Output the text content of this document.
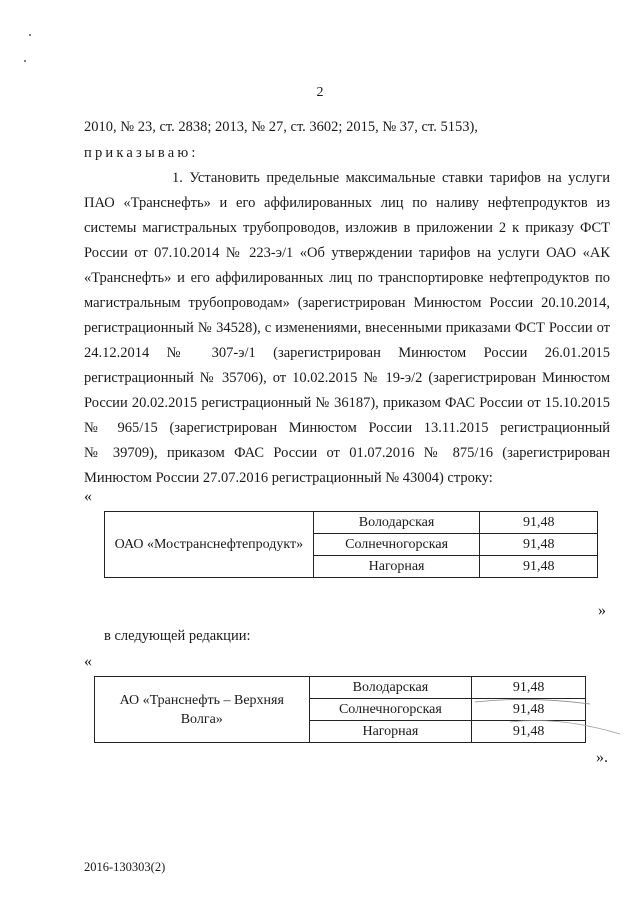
2
2010, № 23, ст. 2838; 2013, № 27, ст. 3602; 2015, № 37, ст. 5153),
приказываю:
1. Установить предельные максимальные ставки тарифов на услуги
ПАО «Транснефть» и его аффилированных лиц по наливу нефтепродуктов из
системы магистральных трубопроводов, изложив в приложении 2 к приказу ФСТ
России от 07.10.2014 № 223-э/1 «Об утверждении тарифов на услуги ОАО «АК
«Транснефть» и его аффилированных лиц по транспортировке нефтепродуктов по
магистральным трубопроводам» (зарегистрирован Минюстом России 20.10.2014,
регистрационный № 34528), с изменениями, внесенными приказами ФСТ России от
24.12.2014 № 307-э/1 (зарегистрирован Минюстом России 26.01.2015
регистрационный № 35706), от 10.02.2015 № 19-э/2 (зарегистрирован Минюстом
России 20.02.2015 регистрационный № 36187), приказом ФАС России от 15.10.2015
№ 965/15 (зарегистрирован Минюстом России 13.11.2015 регистрационный
№ 39709), приказом ФАС России от 01.07.2016 № 875/16 (зарегистрирован
Минюстом России 27.07.2016 регистрационный № 43004) строку:
«
ОАО «Мостранснефтепродукт»	Володарская	91,48
	Солнечногорская	91,48
	Нагорная	91,48
»
в следующей редакции:
«
АО «Транснефть – Верхняя
Волга»	Володарская	91,48
	Солнечногорская	91,48
	Нагорная	91,48
».
2016-130303(2)
